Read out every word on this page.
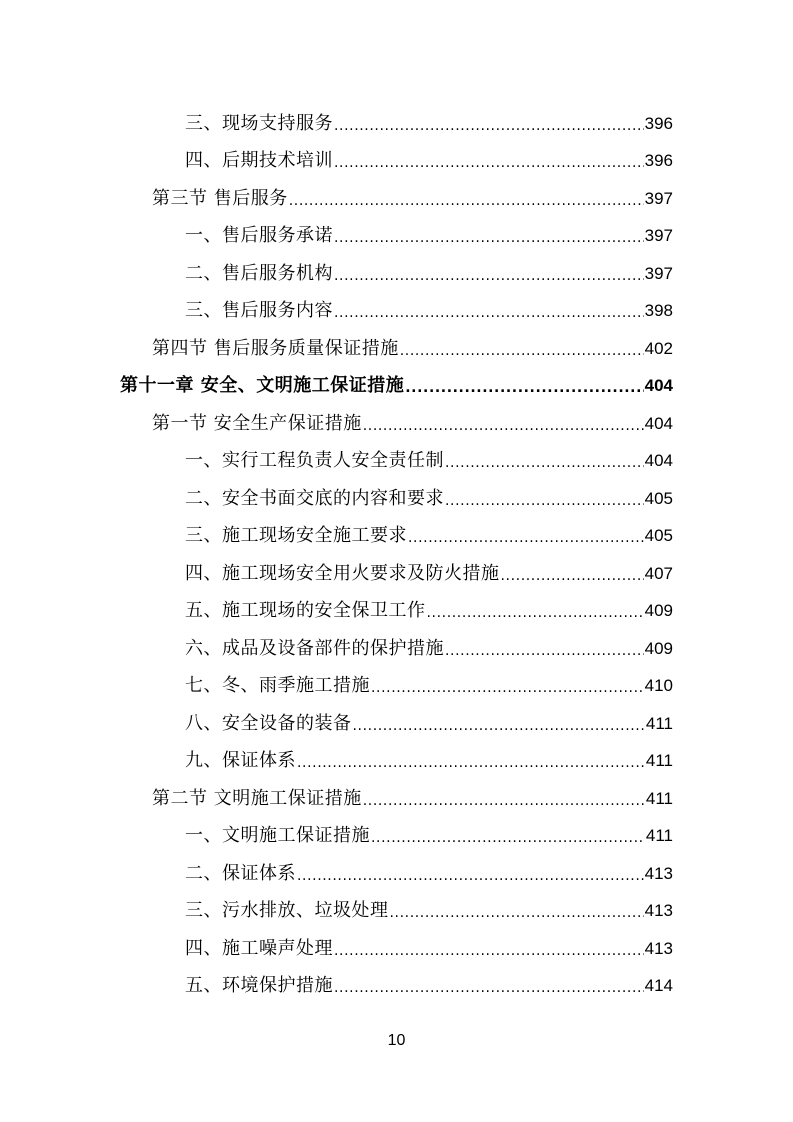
三、现场支持服务 .....	396
四、后期技术培训 .....	396
第三节 售后服务 .....	397
一、售后服务承诺 .....	397
二、售后服务机构 .....	397
三、售后服务内容 .....	398
第四节 售后服务质量保证措施 .....	402
第十一章 安全、文明施工保证措施 .....	404
第一节 安全生产保证措施 .....	404
一、实行工程负责人安全责任制 .....	404
二、安全书面交底的内容和要求 .....	405
三、施工现场安全施工要求 .....	405
四、施工现场安全用火要求及防火措施 .....	407
五、施工现场的安全保卫工作 .....	409
六、成品及设备部件的保护措施 .....	409
七、冬、雨季施工措施 .....	410
八、安全设备的装备 .....	411
九、保证体系 .....	411
第二节 文明施工保证措施 .....	411
一、文明施工保证措施 .....	411
二、保证体系 .....	413
三、污水排放、垃圾处理 .....	413
四、施工噪声处理 .....	413
五、环境保护措施 .....	414
10
